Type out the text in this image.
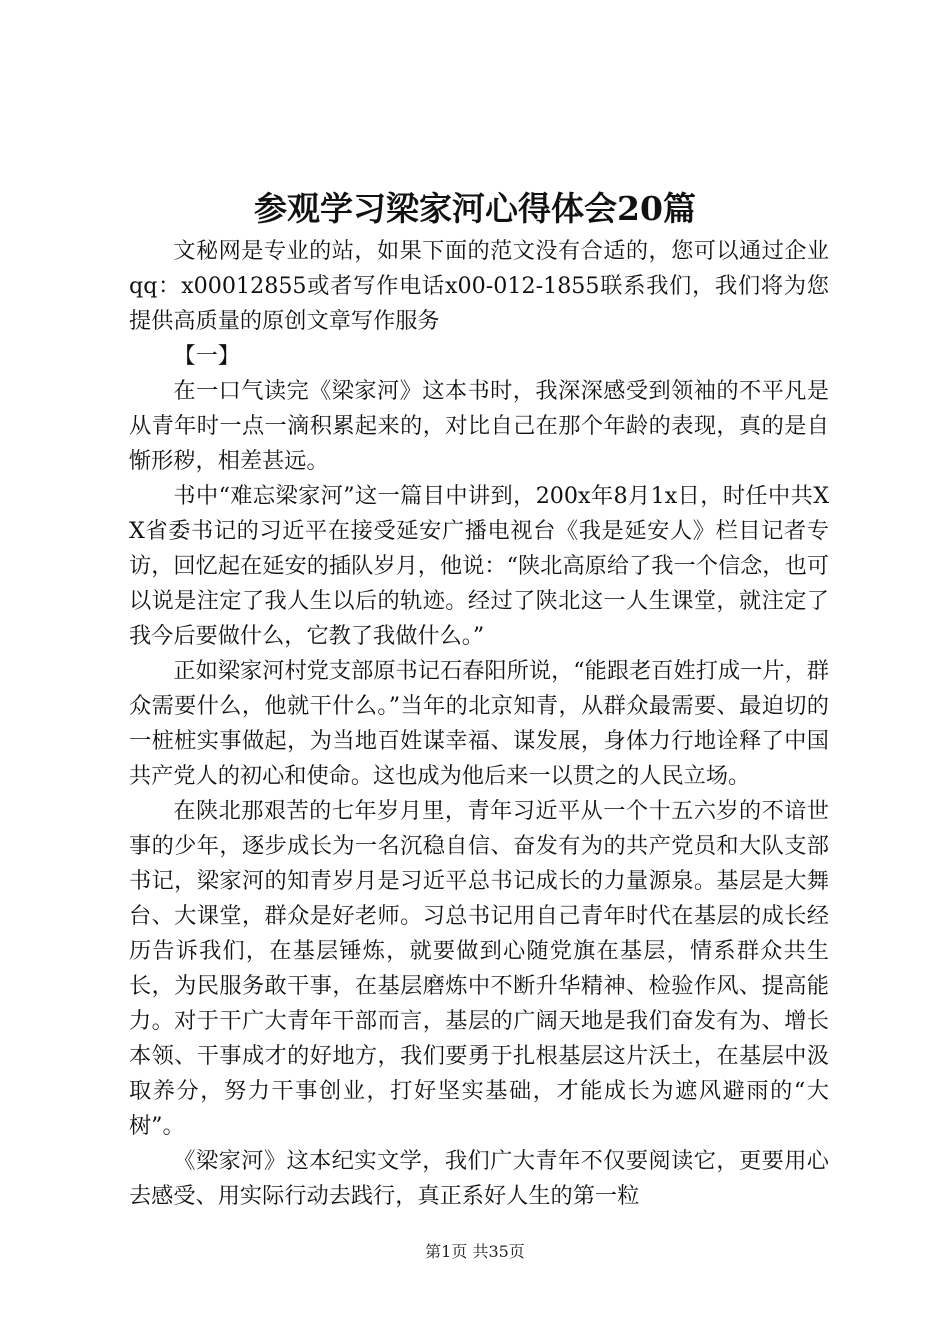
参观学习梁家河心得体会20篇

文秘网是专业的站，如果下面的范文没有合适的，您可以通过企业qq：x00012855或者写作电话x00-012-1855联系我们，我们将为您提供高质量的原创文章写作服务

【一】

在一口气读完《梁家河》这本书时，我深深感受到领袖的不平凡是从青年时一点一滴积累起来的，对比自己在那个年龄的表现，真的是自惭形秽，相差甚远。

书中“难忘梁家河”这一篇目中讲到，200x年8月1x日，时任中共XX省委书记的习近平在接受延安广播电视台《我是延安人》栏目记者专访，回忆起在延安的插队岁月，他说：“陕北高原给了我一个信念，也可以说是注定了我人生以后的轨迹。经过了陕北这一人生课堂，就注定了我今后要做什么，它教了我做什么。”

正如梁家河村党支部原书记石春阳所说，“能跟老百姓打成一片，群众需要什么，他就干什么。”当年的北京知青，从群众最需要、最迫切的一桩桩实事做起，为当地百姓谋幸福、谋发展，身体力行地诠释了中国共产党人的初心和使命。这也成为他后来一以贯之的人民立场。

在陕北那艰苦的七年岁月里，青年习近平从一个十五六岁的不谙世事的少年，逐步成长为一名沉稳自信、奋发有为的共产党员和大队支部书记，梁家河的知青岁月是习近平总书记成长的力量源泉。基层是大舞台、大课堂，群众是好老师。习总书记用自己青年时代在基层的成长经历告诉我们，在基层锤炼，就要做到心随党旗在基层，情系群众共生长，为民服务敢干事，在基层磨炼中不断升华精神、检验作风、提高能力。对于干广大青年干部而言，基层的广阔天地是我们奋发有为、增长本领、干事成才的好地方，我们要勇于扎根基层这片沃土，在基层中汲取养分，努力干事创业，打好坚实基础，才能成长为遮风避雨的“大树”。

《梁家河》这本纪实文学，我们广大青年不仅要阅读它，更要用心去感受、用实际行动去践行，真正系好人生的第一粒

第1页 共35页
